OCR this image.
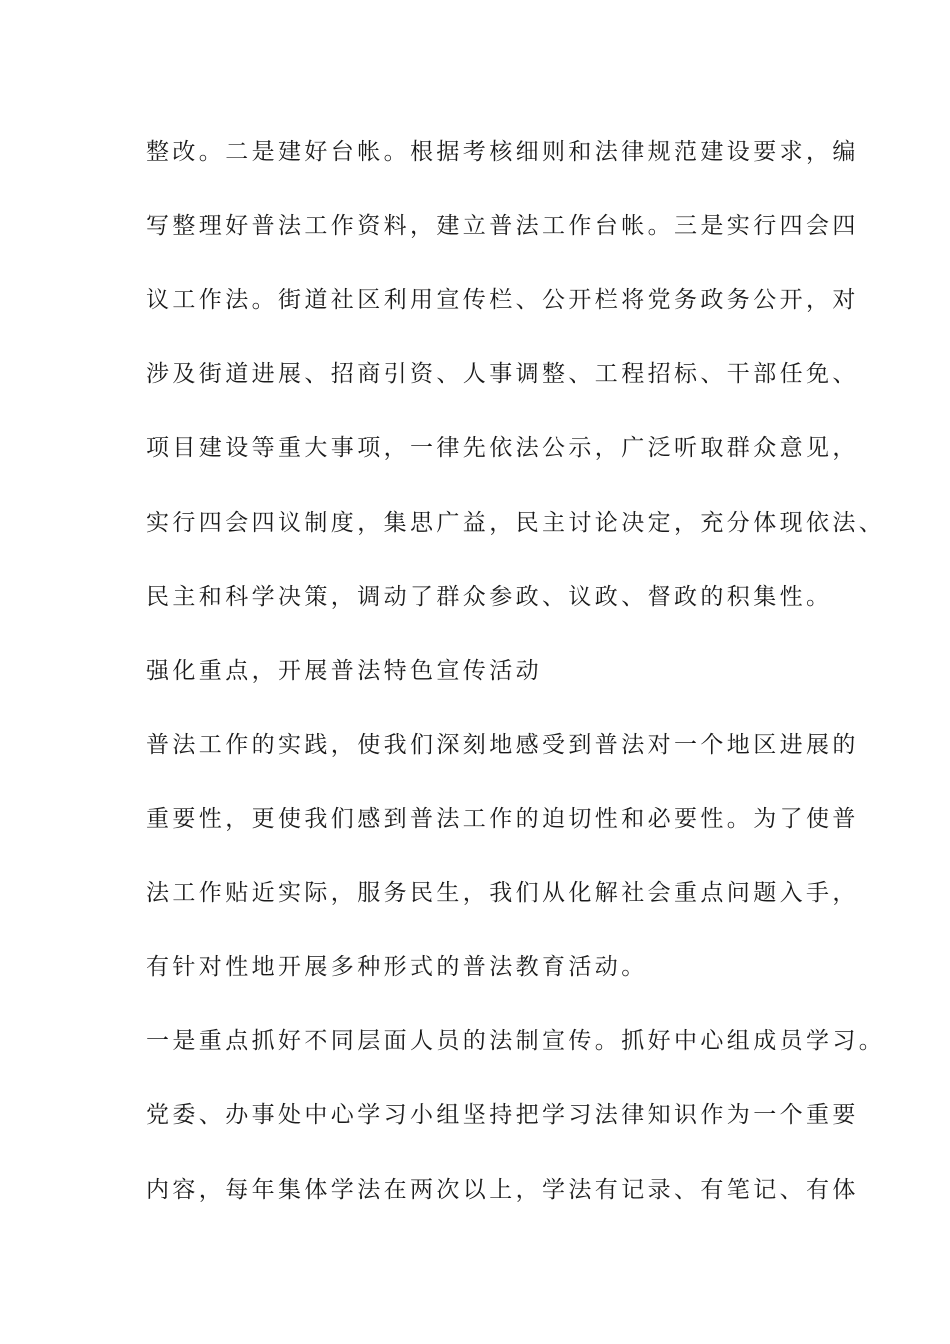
整改。二是建好台帐。根据考核细则和法律规范建设要求，编
写整理好普法工作资料，建立普法工作台帐。三是实行四会四
议工作法。街道社区利用宣传栏、公开栏将党务政务公开，对
涉及街道进展、招商引资、人事调整、工程招标、干部任免、
项目建设等重大事项，一律先依法公示，广泛听取群众意见，
实行四会四议制度，集思广益，民主讨论决定，充分体现依法、
民主和科学决策，调动了群众参政、议政、督政的积集性。
强化重点，开展普法特色宣传活动
普法工作的实践，使我们深刻地感受到普法对一个地区进展的
重要性，更使我们感到普法工作的迫切性和必要性。为了使普
法工作贴近实际，服务民生，我们从化解社会重点问题入手，
有针对性地开展多种形式的普法教育活动。
一是重点抓好不同层面人员的法制宣传。抓好中心组成员学习。
党委、办事处中心学习小组坚持把学习法律知识作为一个重要
内容，每年集体学法在两次以上，学法有记录、有笔记、有体
